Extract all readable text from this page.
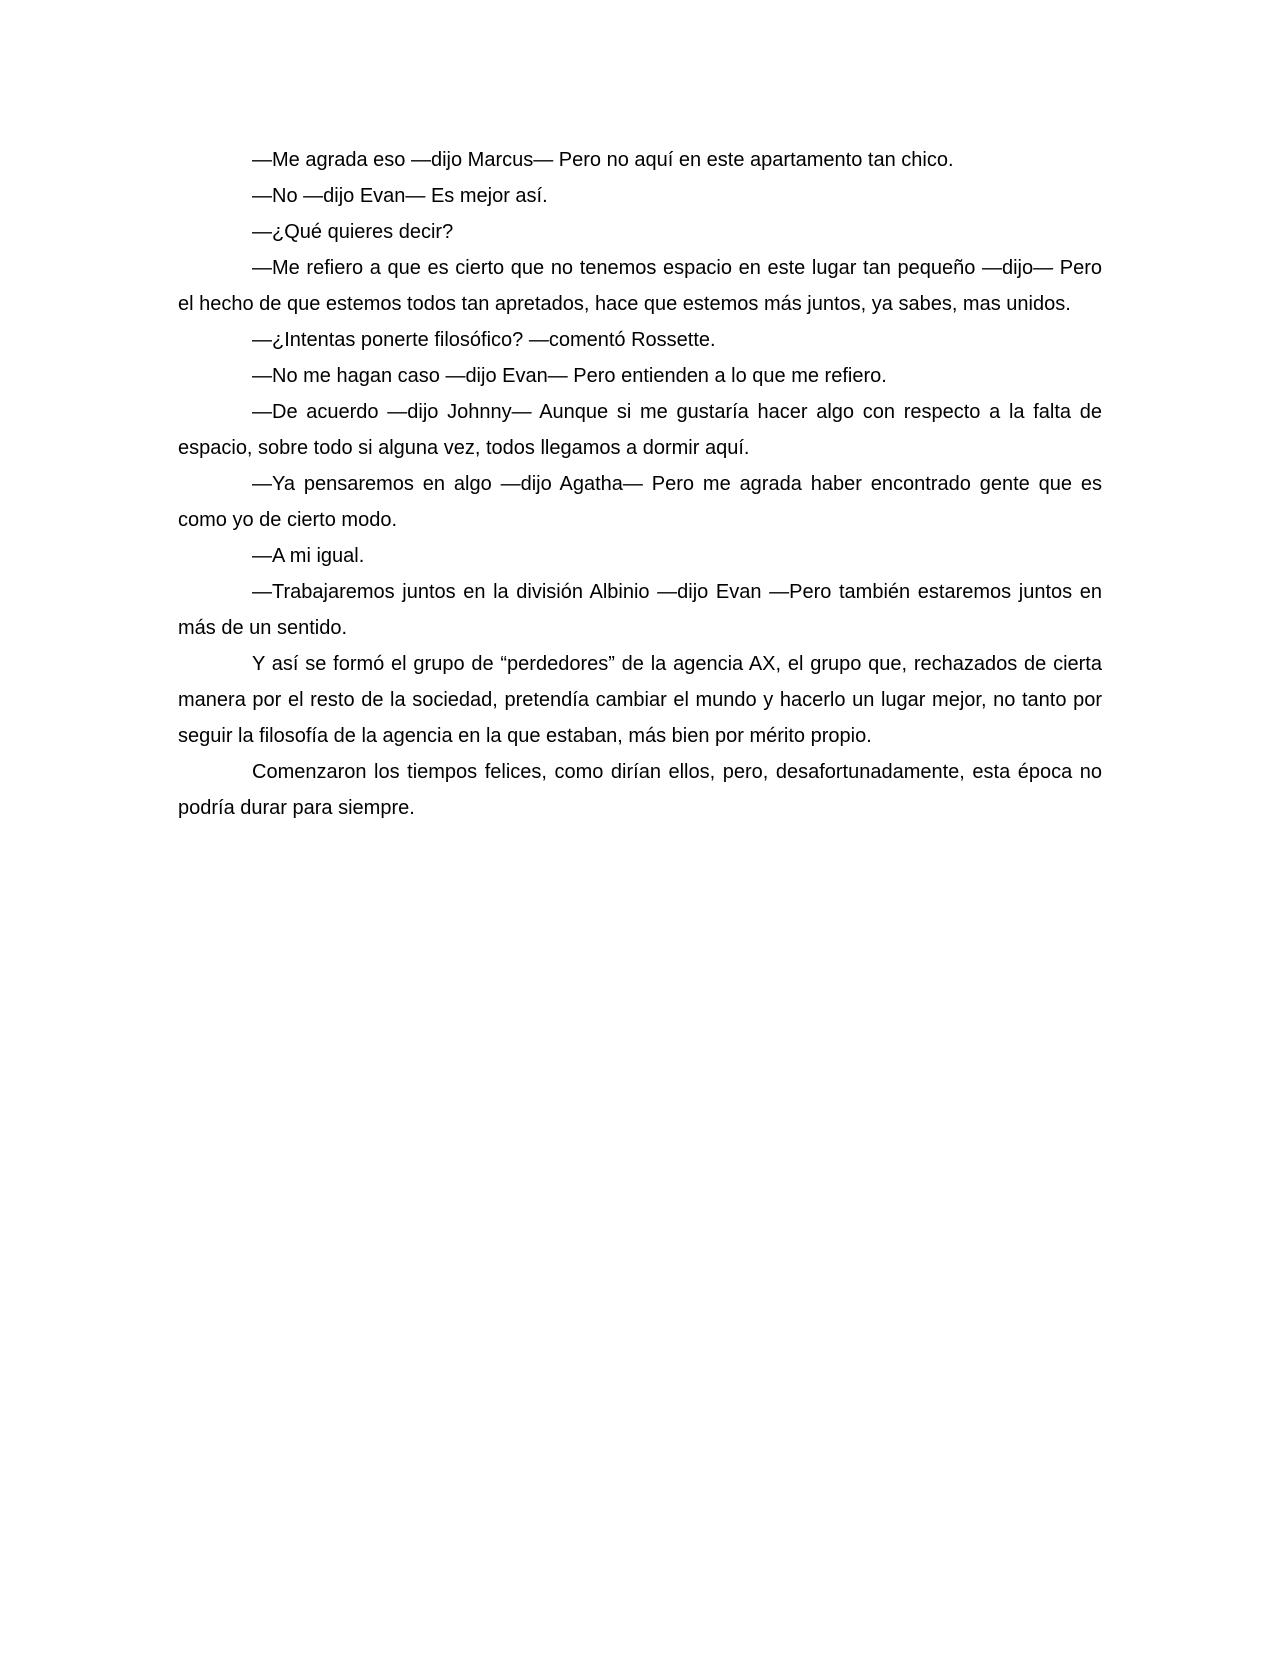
—Me agrada eso —dijo Marcus— Pero no aquí en este apartamento tan chico.

—No —dijo Evan— Es mejor así.

—¿Qué quieres decir?

—Me refiero a que es cierto que no tenemos espacio en este lugar tan pequeño —dijo— Pero el hecho de que estemos todos tan apretados, hace que estemos más juntos, ya sabes, mas unidos.

—¿Intentas ponerte filosófico? —comentó Rossette.

—No me hagan caso —dijo Evan— Pero entienden a lo que me refiero.

—De acuerdo —dijo Johnny— Aunque si me gustaría hacer algo con respecto a la falta de espacio, sobre todo si alguna vez, todos llegamos a dormir aquí.

—Ya pensaremos en algo —dijo Agatha— Pero me agrada haber encontrado gente que es como yo de cierto modo.

—A mi igual.

—Trabajaremos juntos en la división Albinio —dijo Evan —Pero también estaremos juntos en más de un sentido.

Y así se formó el grupo de “perdedores” de la agencia AX, el grupo que, rechazados de cierta manera por el resto de la sociedad, pretendía cambiar el mundo y hacerlo un lugar mejor, no tanto por seguir la filosofía de la agencia en la que estaban, más bien por mérito propio.

Comenzaron los tiempos felices, como dirían ellos, pero, desafortunadamente, esta época no podría durar para siempre.
